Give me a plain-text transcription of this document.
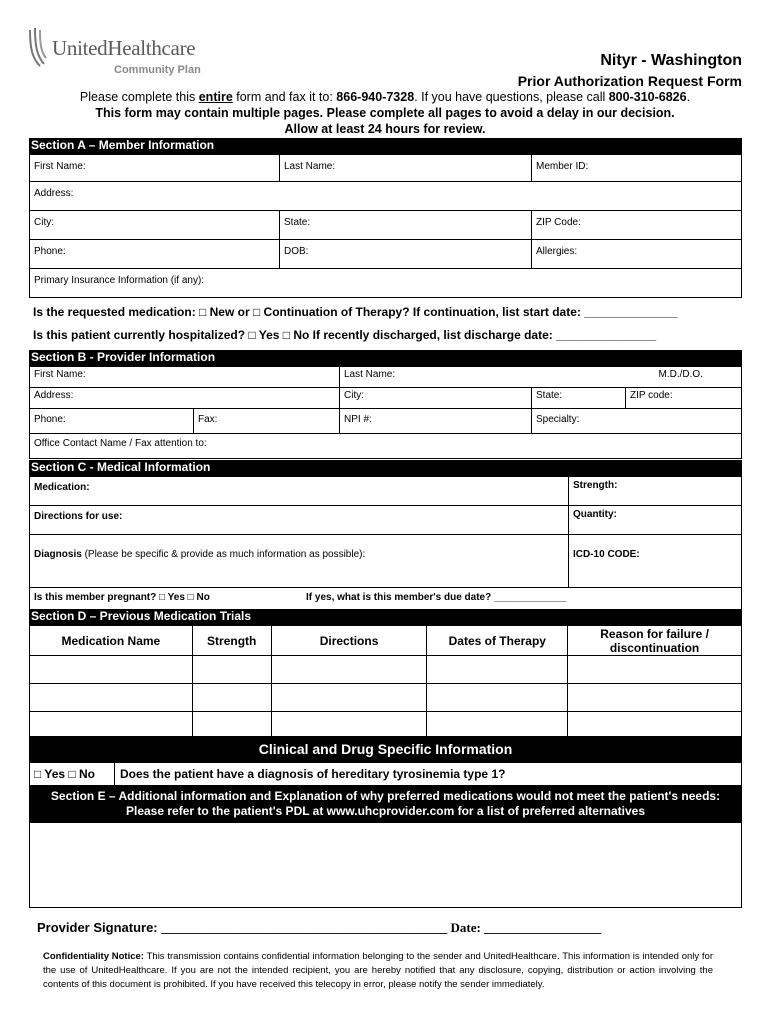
UnitedHealthcare
Community Plan
Nityr - Washington
Prior Authorization Request Form
Please complete this entire form and fax it to: 866-940-7328. If you have questions, please call 800-310-6826.
This form may contain multiple pages. Please complete all pages to avoid a delay in our decision.
Allow at least 24 hours for review.
Section A – Member Information
First Name:	Last Name:	Member ID:
Address:
City:	State:	ZIP Code:
Phone:	DOB:	Allergies:
Primary Insurance Information (if any):
Is the requested medication: □ New or □ Continuation of Therapy? If continuation, list start date: ______________
Is this patient currently hospitalized? □ Yes □ No If recently discharged, list discharge date: _______________
Section B - Provider Information
First Name:	Last Name:	M.D./D.O.
Address:	City:	State:	ZIP code:
Phone:	Fax:	NPI #:	Specialty:
Office Contact Name / Fax attention to:
Section C - Medical Information
Medication:	Strength:
Directions for use:	Quantity:
Diagnosis (Please be specific & provide as much information as possible):	ICD-10 CODE:
Is this member pregnant? □ Yes □ No	If yes, what is this member's due date? _____________
Section D – Previous Medication Trials
Medication Name	Strength	Directions	Dates of Therapy	Reason for failure / discontinuation

Clinical and Drug Specific Information
□ Yes □ No Does the patient have a diagnosis of hereditary tyrosinemia type 1?
Section E – Additional information and Explanation of why preferred medications would not meet the patient's needs:
Please refer to the patient's PDL at www.uhcprovider.com for a list of preferred alternatives
Provider Signature: ____________________________________________ Date: __________________
Confidentiality Notice: This transmission contains confidential information belonging to the sender and UnitedHealthcare. This information is intended only for the use of UnitedHealthcare. If you are not the intended recipient, you are hereby notified that any disclosure, copying, distribution or action involving the contents of this document is prohibited. If you have received this telecopy in error, please notify the sender immediately.
